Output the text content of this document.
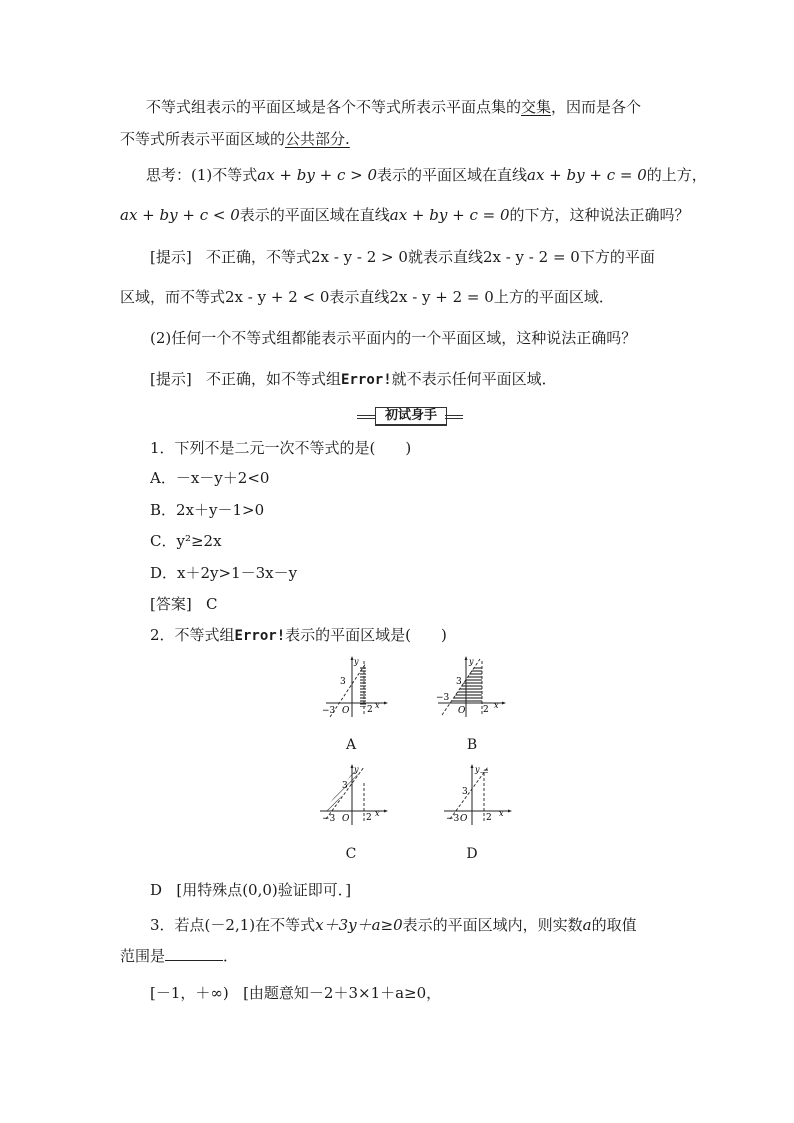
不等式组表示的平面区域是各个不等式所表示平面点集的交集，因而是各个
不等式所表示平面区域的公共部分.
思考：(1)不等式ax + by + c > 0表示的平面区域在直线ax + by + c = 0的上方，
ax + by + c < 0表示的平面区域在直线ax + by + c = 0的下方，这种说法正确吗？
[提示] 不正确，不等式2x - y - 2 > 0就表示直线2x - y - 2 = 0下方的平面
区域，而不等式2x - y + 2 < 0表示直线2x - y + 2 = 0上方的平面区域．
(2)任何一个不等式组都能表示平面内的一个平面区域，这种说法正确吗？
[提示] 不正确，如不等式组Error!就不表示任何平面区域．
初试身手
1．下列不是二元一次不等式的是(　　)
A．－x－y＋2<0
B．2x＋y－1>0
C．y²≥2x
D．x＋2y>1－3x－y
[答案] C
2．不等式组Error!表示的平面区域是(　　)
3
−3 O 2 x
y
A
3
−3
O 2 x
y
B
3
−3 O 2 x
y
C
3
−3 O 2 x
y
D
D [用特殊点(0,0)验证即可．]
3．若点(－2,1)在不等式x＋3y＋a≥0表示的平面区域内，则实数a的取值
范围是	．
[－1，＋∞) [由题意知－2＋3×1＋a≥0，
